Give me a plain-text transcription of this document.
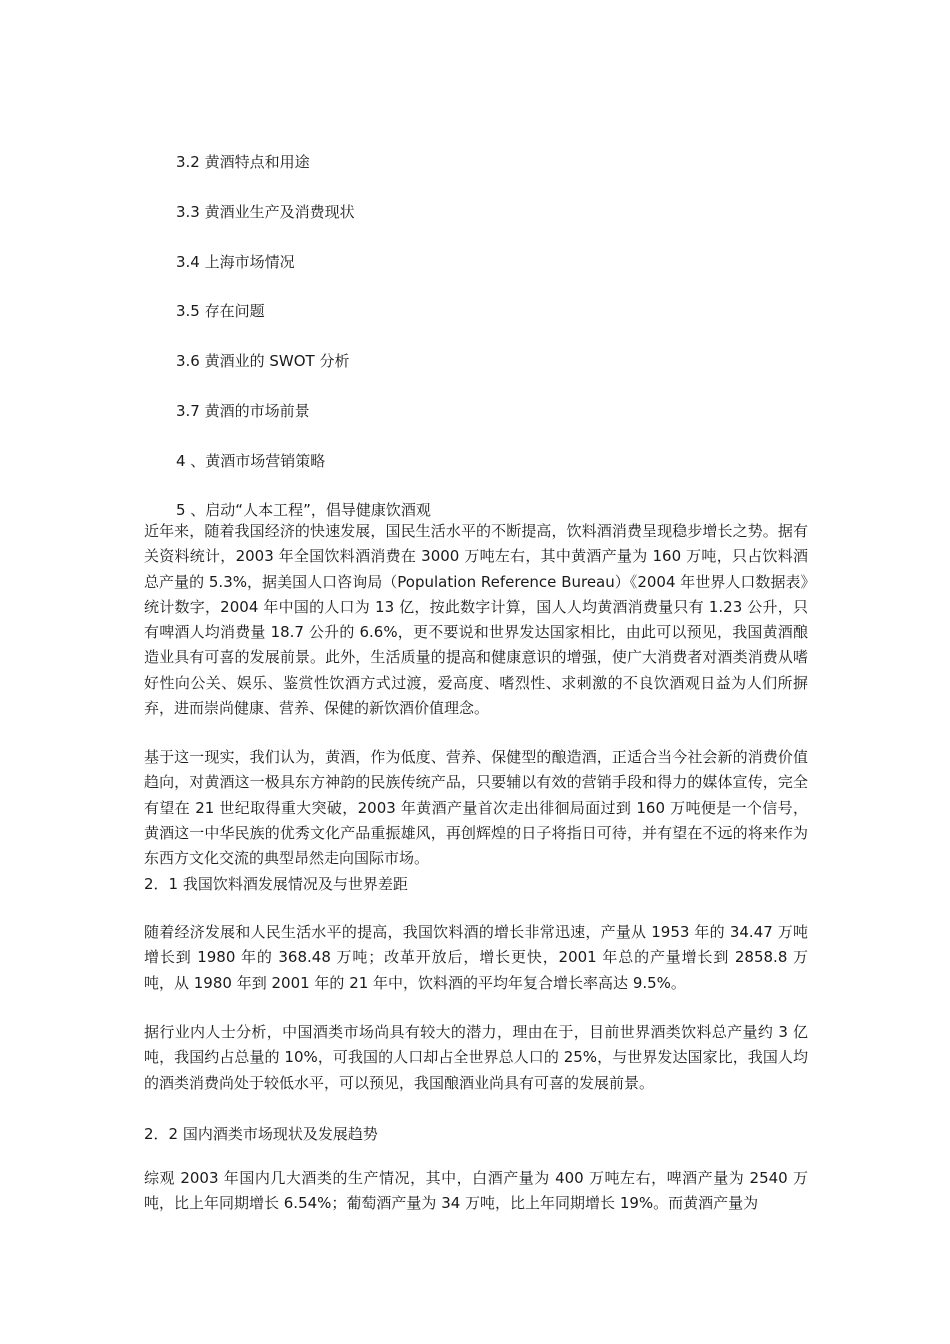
3.2 黄酒特点和用途
3.3 黄酒业生产及消费现状
3.4 上海市场情况
3.5 存在问题
3.6 黄酒业的 SWOT 分析
3.7 黄酒的市场前景
4 、黄酒市场营销策略
5 、启动“人本工程”，倡导健康饮酒观

近年来，随着我国经济的快速发展，国民生活水平的不断提高，饮料酒消费呈现稳步增长之势。据有关资料统计，2003 年全国饮料酒消费在 3000 万吨左右，其中黄酒产量为 160 万吨，只占饮料酒总产量的 5.3%，据美国人口咨询局（Population Reference Bureau）《2004 年世界人口数据表》统计数字，2004 年中国的人口为 13 亿，按此数字计算，国人人均黄酒消费量只有 1.23 公升，只有啤酒人均消费量 18.7 公升的 6.6%，更不要说和世界发达国家相比，由此可以预见，我国黄酒酿造业具有可喜的发展前景。此外，生活质量的提高和健康意识的增强，使广大消费者对酒类消费从嗜好性向公关、娱乐、鉴赏性饮酒方式过渡，爱高度、嗜烈性、求刺激的不良饮酒观日益为人们所摒弃，进而崇尚健康、营养、保健的新饮酒价值理念。

基于这一现实，我们认为，黄酒，作为低度、营养、保健型的酿造酒，正适合当今社会新的消费价值趋向，对黄酒这一极具东方神韵的民族传统产品，只要辅以有效的营销手段和得力的媒体宣传，完全有望在 21 世纪取得重大突破，2003 年黄酒产量首次走出徘徊局面过到 160 万吨便是一个信号，黄酒这一中华民族的优秀文化产品重振雄风，再创辉煌的日子将指日可待，并有望在不远的将来作为东西方文化交流的典型昂然走向国际市场。

2．1 我国饮料酒发展情况及与世界差距

随着经济发展和人民生活水平的提高，我国饮料酒的增长非常迅速，产量从 1953 年的 34.47 万吨增长到 1980 年的 368.48 万吨；改革开放后，增长更快，2001 年总的产量增长到 2858.8 万吨，从 1980 年到 2001 年的 21 年中，饮料酒的平均年复合增长率高达 9.5%。

据行业内人士分析，中国酒类市场尚具有较大的潜力，理由在于，目前世界酒类饮料总产量约 3 亿吨，我国约占总量的 10%，可我国的人口却占全世界总人口的 25%，与世界发达国家比，我国人均的酒类消费尚处于较低水平，可以预见，我国酿酒业尚具有可喜的发展前景。

2．2 国内酒类市场现状及发展趋势

综观 2003 年国内几大酒类的生产情况，其中，白酒产量为 400 万吨左右，啤酒产量为 2540 万吨，比上年同期增长 6.54%；葡萄酒产量为 34 万吨，比上年同期增长 19%。而黄酒产量为
